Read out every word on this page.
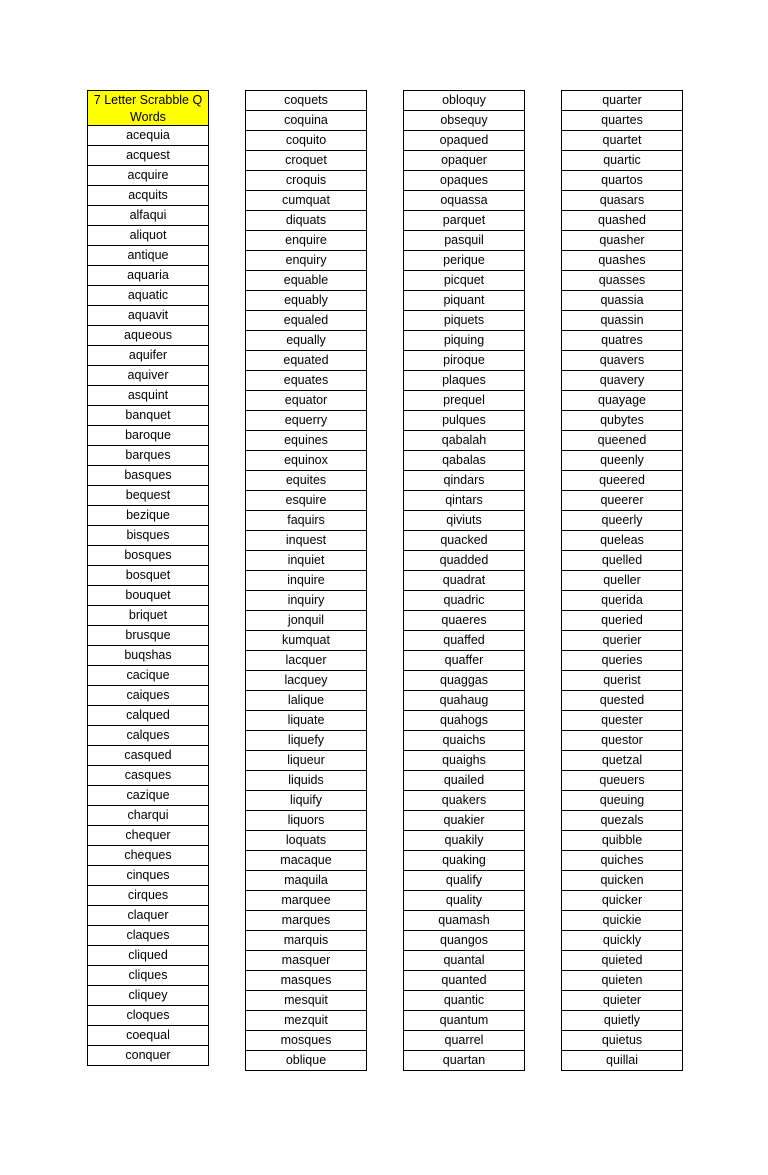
7 Letter Scrabble Q
Words
acequia
acquest
acquire
acquits
alfaqui
aliquot
antique
aquaria
aquatic
aquavit
aqueous
aquifer
aquiver
asquint
banquet
baroque
barques
basques
bequest
bezique
bisques
bosques
bosquet
bouquet
briquet
brusque
buqshas
cacique
caiques
calqued
calques
casqued
casques
cazique
charqui
chequer
cheques
cinques
cirques
claquer
claques
cliqued
cliques
cliquey
cloques
coequal
conquer
coquets
coquina
coquito
croquet
croquis
cumquat
diquats
enquire
enquiry
equable
equably
equaled
equally
equated
equates
equator
equerry
equines
equinox
equites
esquire
faquirs
inquest
inquiet
inquire
inquiry
jonquil
kumquat
lacquer
lacquey
lalique
liquate
liquefy
liqueur
liquids
liquify
liquors
loquats
macaque
maquila
marquee
marques
marquis
masquer
masques
mesquit
mezquit
mosques
oblique
obloquy
obsequy
opaqued
opaquer
opaques
oquassa
parquet
pasquil
perique
picquet
piquant
piquets
piquing
piroque
plaques
prequel
pulques
qabalah
qabalas
qindars
qintars
qiviuts
quacked
quadded
quadrat
quadric
quaeres
quaffed
quaffer
quaggas
quahaug
quahogs
quaichs
quaighs
quailed
quakers
quakier
quakily
quaking
qualify
quality
quamash
quangos
quantal
quanted
quantic
quantum
quarrel
quartan
quarter
quartes
quartet
quartic
quartos
quasars
quashed
quasher
quashes
quasses
quassia
quassin
quatres
quavers
quavery
quayage
qubytes
queened
queenly
queered
queerer
queerly
queleas
quelled
queller
querida
queried
querier
queries
querist
quested
quester
questor
quetzal
queuers
queuing
quezals
quibble
quiches
quicken
quicker
quickie
quickly
quieted
quieten
quieter
quietly
quietus
quillai
